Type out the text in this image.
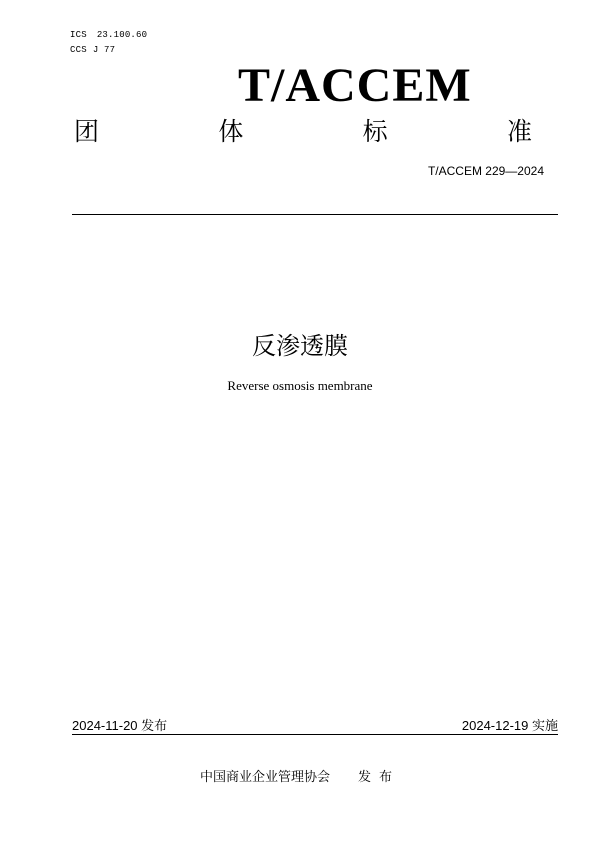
ICS 23.100.60
CCS J 77
T/ACCEM
团	体	标	准
T/ACCEM 229—2024
反渗透膜
Reverse osmosis membrane
2024-11-20 发布	2024-12-19 实施
中国商业企业管理协会 发布
